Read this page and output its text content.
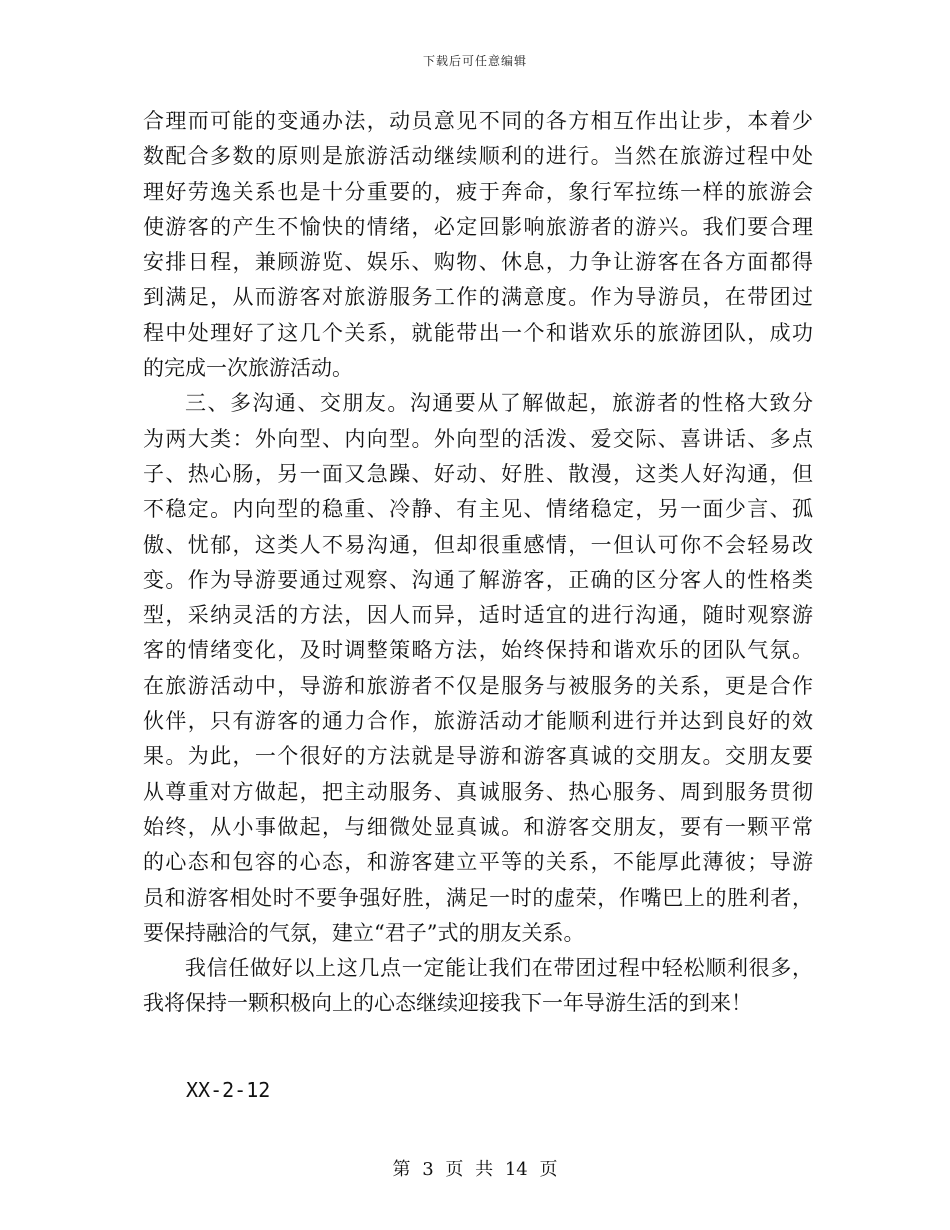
下载后可任意编辑
合理而可能的变通办法，动员意见不同的各方相互作出让步，本着少
数配合多数的原则是旅游活动继续顺利的进行。当然在旅游过程中处
理好劳逸关系也是十分重要的，疲于奔命，象行军拉练一样的旅游会
使游客的产生不愉快的情绪，必定回影响旅游者的游兴。我们要合理
安排日程，兼顾游览、娱乐、购物、休息，力争让游客在各方面都得
到满足，从而游客对旅游服务工作的满意度。作为导游员，在带团过
程中处理好了这几个关系，就能带出一个和谐欢乐的旅游团队，成功
的完成一次旅游活动。
三、多沟通、交朋友。沟通要从了解做起，旅游者的性格大致分
为两大类：外向型、内向型。外向型的活泼、爱交际、喜讲话、多点
子、热心肠，另一面又急躁、好动、好胜、散漫，这类人好沟通，但
不稳定。内向型的稳重、冷静、有主见、情绪稳定，另一面少言、孤
傲、忧郁，这类人不易沟通，但却很重感情，一但认可你不会轻易改
变。作为导游要通过观察、沟通了解游客，正确的区分客人的性格类
型，采纳灵活的方法，因人而异，适时适宜的进行沟通，随时观察游
客的情绪变化，及时调整策略方法，始终保持和谐欢乐的团队气氛。
在旅游活动中，导游和旅游者不仅是服务与被服务的关系，更是合作
伙伴，只有游客的通力合作，旅游活动才能顺利进行并达到良好的效
果。为此，一个很好的方法就是导游和游客真诚的交朋友。交朋友要
从尊重对方做起，把主动服务、真诚服务、热心服务、周到服务贯彻
始终，从小事做起，与细微处显真诚。和游客交朋友，要有一颗平常
的心态和包容的心态，和游客建立平等的关系，不能厚此薄彼；导游
员和游客相处时不要争强好胜，满足一时的虚荣，作嘴巴上的胜利者，
要保持融洽的气氛，建立“君子”式的朋友关系。
我信任做好以上这几点一定能让我们在带团过程中轻松顺利很多，
我将保持一颗积极向上的心态继续迎接我下一年导游生活的到来！
XX-2-12
第 3 页 共 14 页
